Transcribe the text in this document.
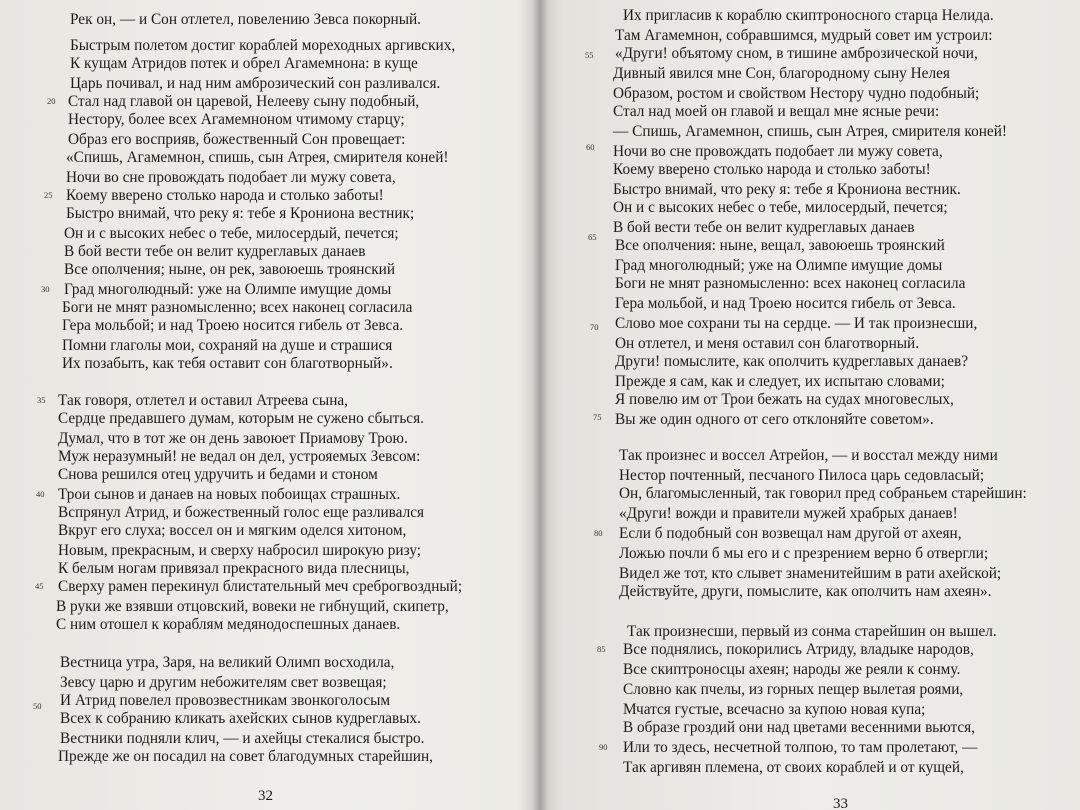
Рек он, — и Сон отлетел, повелению Зевса покорный.
Быстрым полетом достиг кораблей мореходных аргивских,
К кущам Атридов потек и обрел Агамемнона: в куще
Царь почивал, и над ним амброзический сон разливался.
Стал над главой он царевой, Нелееву сыну подобный,
Нестору, более всех Агамемноном чтимому старцу;
Образ его восприяв, божественный Сон провещает:
«Спишь, Агамемнон, спишь, сын Атрея, смирителя коней!
Ночи во сне провождать подобает ли мужу совета,
Коему вверено столько народа и столько заботы!
Быстро внимай, что реку я: тебе я Крониона вестник;
Он и с высоких небес о тебе, милосердый, печется;
В бой вести тебе он велит кудреглавых данаев
Все ополчения; ныне, он рек, завоюешь троянский
Град многолюдный: уже на Олимпе имущие домы
Боги не мнят разномысленно; всех наконец согласила
Гера мольбой; и над Троею носится гибель от Зевса.
Помни глаголы мои, сохраняй на душе и страшися
Их позабыть, как тебя оставит сон благотворный».
Так говоря, отлетел и оставил Атреева сына,
Сердце предавшего думам, которым не сужено сбыться.
Думал, что в тот же он день завоюет Приамову Трою.
Муж неразумный! не ведал он дел, устрояемых Зевсом:
Снова решился отец удручить и бедами и стоном
Трои сынов и данаев на новых побоищах страшных.
Вспрянул Атрид, и божественный голос еще разливался
Вкруг его слуха; воссел он и мягким оделся хитоном,
Новым, прекрасным, и сверху набросил широкую ризу;
К белым ногам привязал прекрасного вида плесницы,
Сверху рамен перекинул блистательный меч среброгвоздный;
В руки же взявши отцовский, вовеки не гибнущий, скипетр,
С ним отошел к кораблям медянодоспешных данаев.
Вестница утра, Заря, на великий Олимп восходила,
Зевсу царю и другим небожителям свет возвещая;
И Атрид повелел провозвестникам звонкоголосым
Всех к собранию кликать ахейских сынов кудреглавых.
Вестники подняли клич, — и ахейцы стекалися быстро.
Прежде же он посадил на совет благодумных старейшин,
20
25
30
35
40
45
50
32
Их пригласив к кораблю скиптроносного старца Нелида.
Там Агамемнон, собравшимся, мудрый совет им устроил:
«Други! объятому сном, в тишине амброзической ночи,
Дивный явился мне Сон, благородному сыну Нелея
Образом, ростом и свойством Нестору чудно подобный;
Стал над моей он главой и вещал мне ясные речи:
— Спишь, Агамемнон, спишь, сын Атрея, смирителя коней!
Ночи во сне провождать подобает ли мужу совета,
Коему вверено столько народа и столько заботы!
Быстро внимай, что реку я: тебе я Крониона вестник.
Он и с высоких небес о тебе, милосердый, печется;
В бой вести тебе он велит кудреглавых данаев
Все ополчения: ныне, вещал, завоюешь троянский
Град многолюдный; уже на Олимпе имущие домы
Боги не мнят разномысленно: всех наконец согласила
Гера мольбой, и над Троею носится гибель от Зевса.
Слово мое сохрани ты на сердце. — И так произнесши,
Он отлетел, и меня оставил сон благотворный.
Други! помыслите, как ополчить кудреглавых данаев?
Прежде я сам, как и следует, их испытаю словами;
Я повелю им от Трои бежать на судах многовеслых,
Вы же один одного от сего отклоняйте советом».
Так произнес и воссел Атрейон, — и восстал между ними
Нестор почтенный, песчаного Пилоса царь седовласый;
Он, благомысленный, так говорил пред собраньем старейшин:
«Други! вожди и правители мужей храбрых данаев!
Если б подобный сон возвещал нам другой от ахеян,
Ложью почли б мы его и с презрением верно б отвергли;
Видел же тот, кто слывет знаменитейшим в рати ахейской;
Действуйте, други, помыслите, как ополчить нам ахеян».
Так произнесши, первый из сонма старейшин он вышел.
Все поднялись, покорились Атриду, владыке народов,
Все скиптроносцы ахеян; народы же реяли к сонму.
Словно как пчелы, из горных пещер вылетая роями,
Мчатся густые, всечасно за купою новая купа;
В образе гроздий они над цветами весенними вьются,
Или то здесь, несчетной толпою, то там пролетают, —
Так аргивян племена, от своих кораблей и от кущей,
55
60
65
70
75
80
85
90
33
